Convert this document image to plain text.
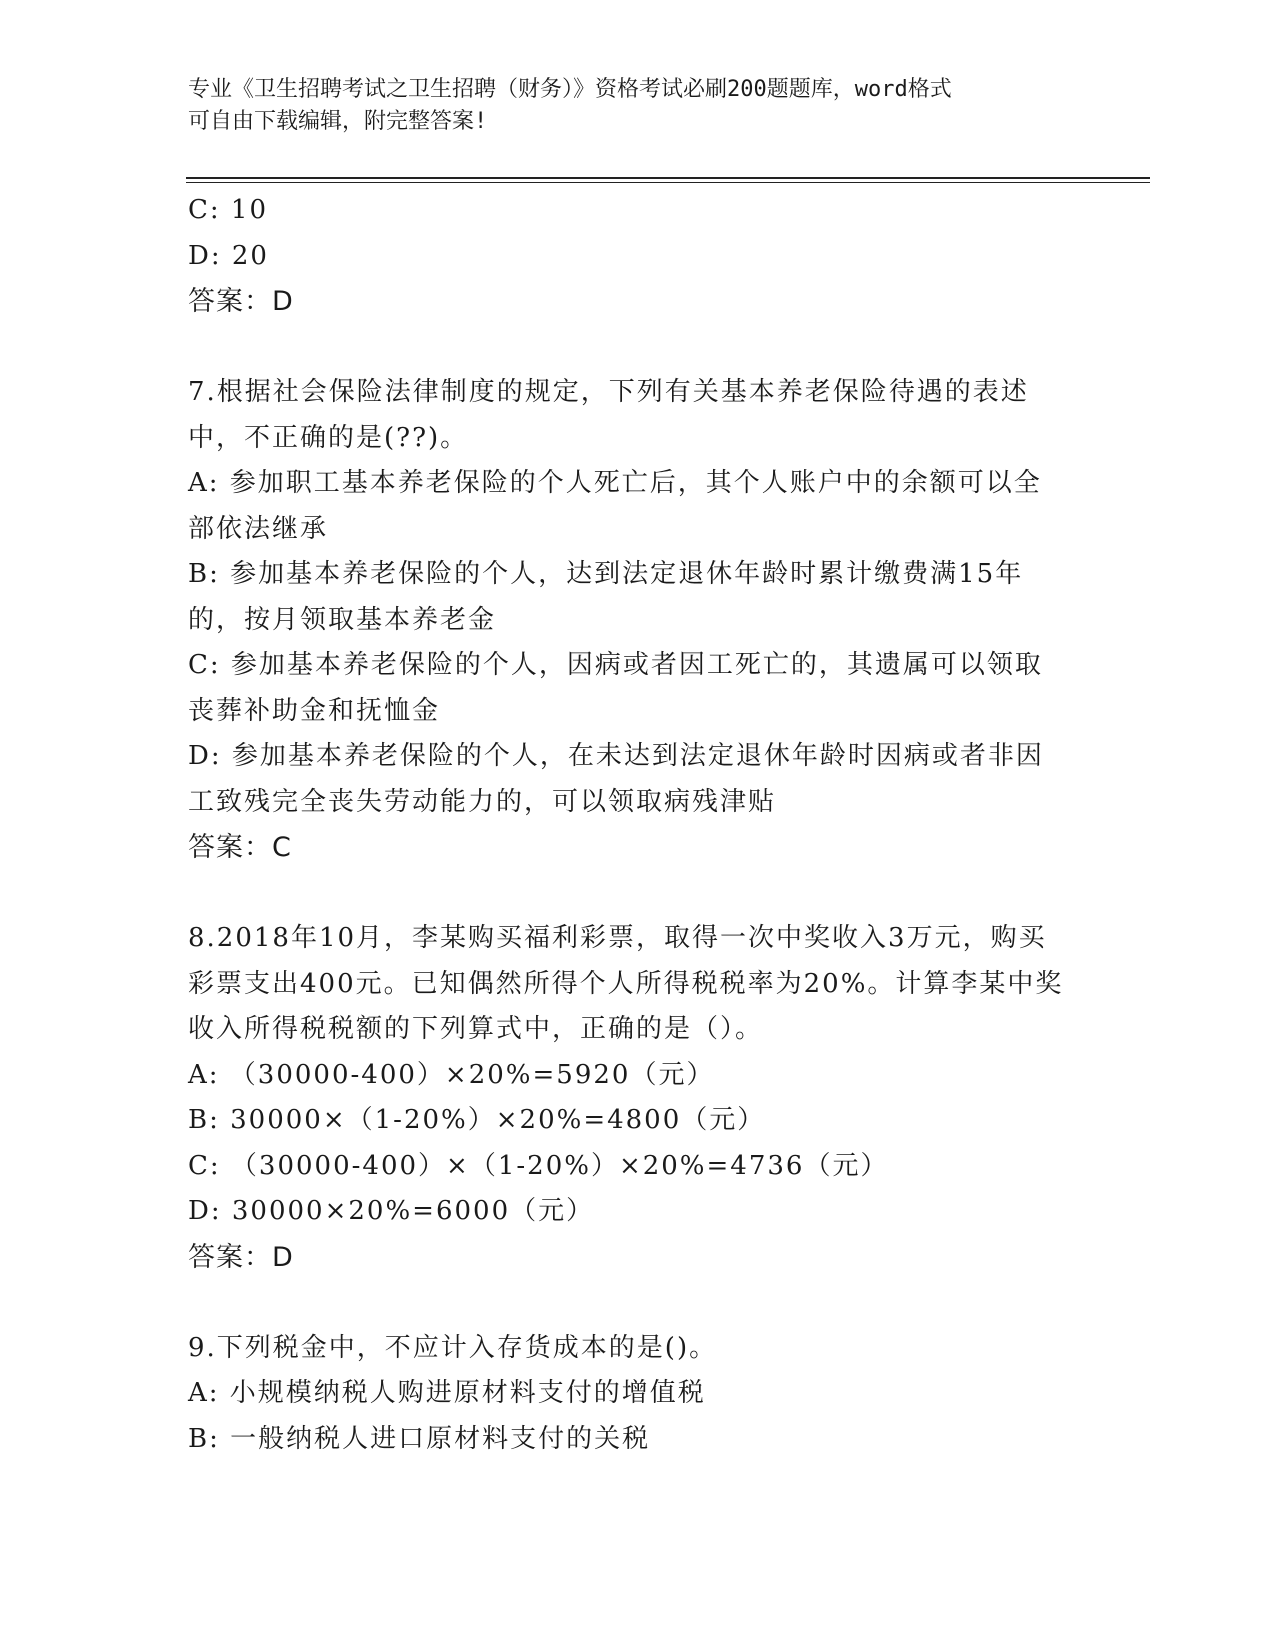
专业《卫生招聘考试之卫生招聘（财务）》资格考试必刷200题题库，word格式
可自由下载编辑，附完整答案!
C: 10
D: 20
答案：D
7.根据社会保险法律制度的规定，下列有关基本养老保险待遇的表述
中，不正确的是(??)。
A: 参加职工基本养老保险的个人死亡后，其个人账户中的余额可以全
部依法继承
B: 参加基本养老保险的个人，达到法定退休年龄时累计缴费满15年
的，按月领取基本养老金
C: 参加基本养老保险的个人，因病或者因工死亡的，其遗属可以领取
丧葬补助金和抚恤金
D: 参加基本养老保险的个人，在未达到法定退休年龄时因病或者非因
工致残完全丧失劳动能力的，可以领取病残津贴
答案：C
8.2018年10月，李某购买福利彩票，取得一次中奖收入3万元，购买
彩票支出400元。已知偶然所得个人所得税税率为20%。计算李某中奖
收入所得税税额的下列算式中，正确的是（）。
A: （30000-400）×20%=5920（元）
B: 30000×（1-20%）×20%=4800（元）
C: （30000-400）×（1-20%）×20%=4736（元）
D: 30000×20%=6000（元）
答案：D
9.下列税金中，不应计入存货成本的是()。
A: 小规模纳税人购进原材料支付的增值税
B: 一般纳税人进口原材料支付的关税
